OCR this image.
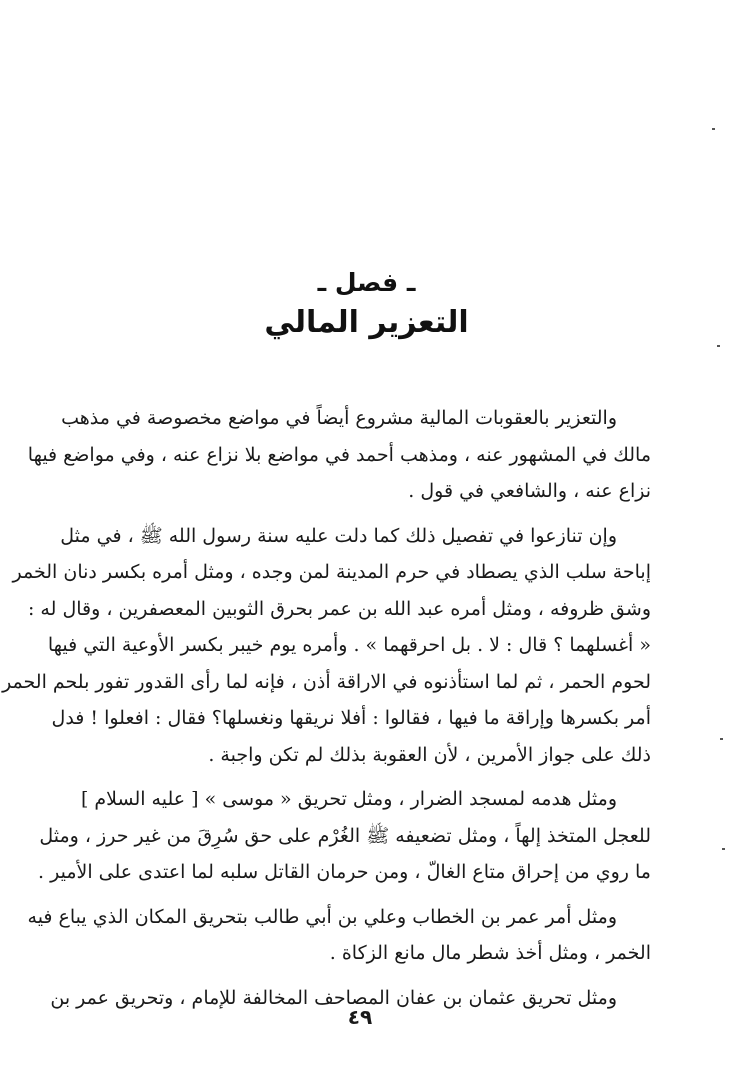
ـ فصل ـ
التعزير المالي

والتعزير بالعقوبات المالية مشروع أيضاً في مواضع مخصوصة في مذهب
مالك في المشهور عنه ، ومذهب أحمد في مواضع بلا نزاع عنه ، وفي مواضع فيها
نزاع عنه ، والشافعي في قول .

وإن تنازعوا في تفصيل ذلك كما دلت عليه سنة رسول الله ﷺ ، في مثل
إباحة سلب الذي يصطاد في حرم المدينة لمن وجده ، ومثل أمره بكسر دنان الخمر
وشق ظروفه ، ومثل أمره عبد الله بن عمر بحرق الثوبين المعصفرين ، وقال له :
« أغسلهما ؟ قال : لا . بل احرقهما » . وأمره يوم خيبر بكسر الأوعية التي فيها
لحوم الحمر ، ثم لما استأذنوه في الاراقة أذن ، فإنه لما رأى القدور تفور بلحم الحمر
أمر بكسرها وإراقة ما فيها ، فقالوا : أفلا نريقها ونغسلها؟ فقال : افعلوا ! فدل
ذلك على جواز الأمرين ، لأن العقوبة بذلك لم تكن واجبة .

ومثل هدمه لمسجد الضرار ، ومثل تحريق « موسى » [ عليه السلام ]
للعجل المتخذ إلهاً ، ومثل تضعيفه ﷺ الغُرْم على حق سُرِقَ من غير حرز ، ومثل
ما روي من إحراق متاع الغالّ ، ومن حرمان القاتل سلبه لما اعتدى على الأمير .

ومثل أمر عمر بن الخطاب وعلي بن أبي طالب بتحريق المكان الذي يباع فيه
الخمر ، ومثل أخذ شطر مال مانع الزكاة .

ومثل تحريق عثمان بن عفان المصاحف المخالفة للإمام ، وتحريق عمر بن

٤٩
